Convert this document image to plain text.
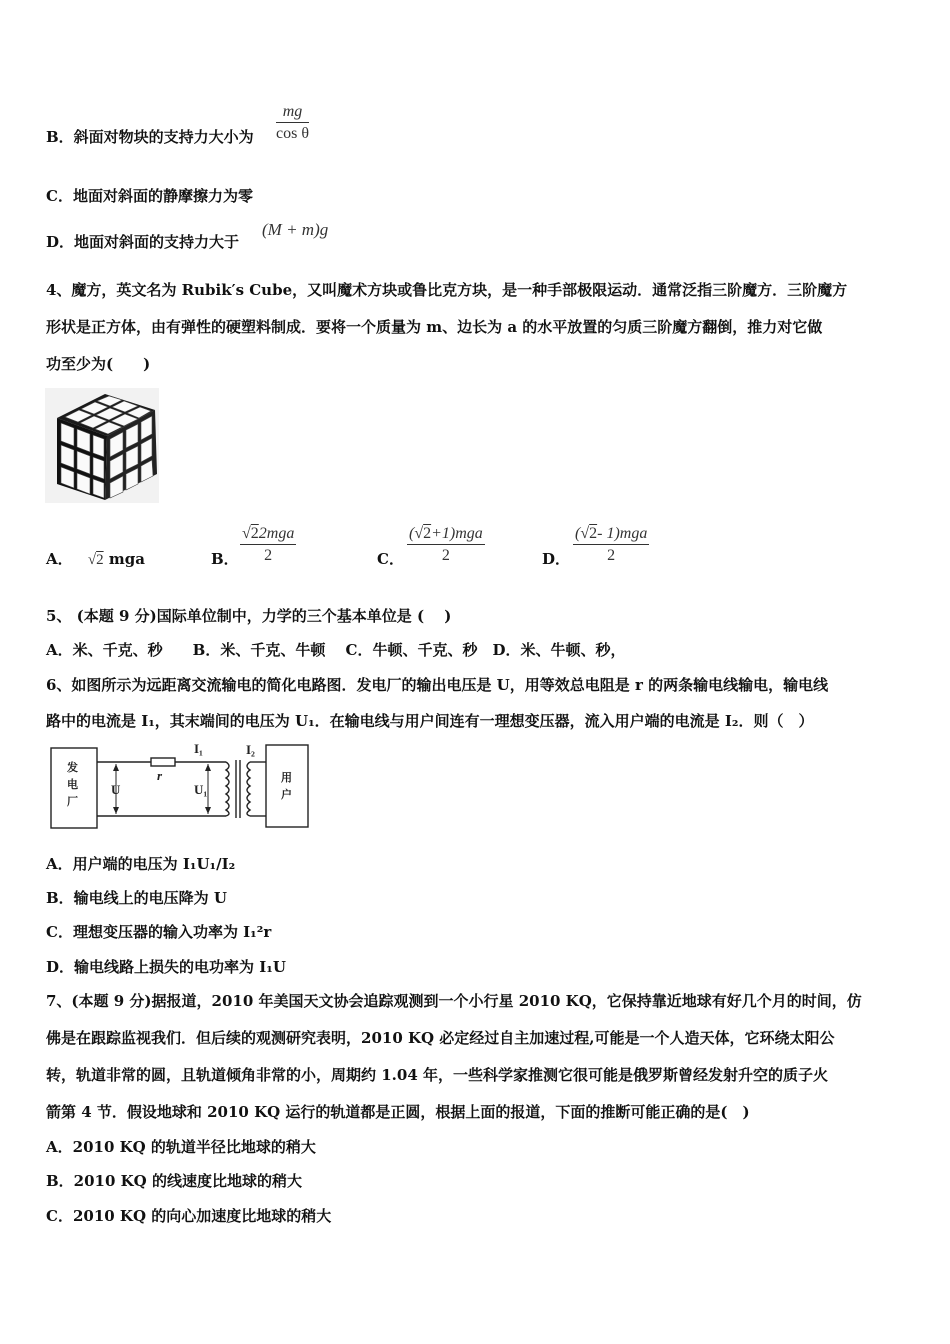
B．斜面对物块的支持力大小为 $\frac{mg}{\text{cos θ}}$
C．地面对斜面的静摩擦力为零
D．地面对斜面的支持力大于
(M + m)g
4、魔方，英文名为 Rubik′s Cube，又叫魔术方块或鲁比克方块，是一种手部极限运动．通常泛指三阶魔方．三阶魔方
形状是正方体，由有弹性的硬塑料制成．要将一个质量为 m、边长为 a 的水平放置的匀质三阶魔方翻倒，推力对它做
功至少为(　　)
A． √2 mga	B．
√22mga
2	C．
(√2+1)mga
2	D．
(√2- 1)mga
2
5、 (本题 9 分)国际单位制中，力学的三个基本单位是 (　 )
A．米、千克、秒　　B．米、千克、牛顿　 C．牛顿、千克、秒　D．米、牛顿、秒，
6、如图所示为远距离交流输电的简化电路图．发电厂的输出电压是 U，用等效总电阻是 r 的两条输电线输电，输电线
路中的电流是 I₁，其末端间的电压为 U₁．在输电线与用户间连有一理想变压器，流入用户端的电流是 I₂．则（　）
发
电
厂
U
r
I₁
U₁
I₂
用
户
A．用户端的电压为 I₁U₁/I₂
B．输电线上的电压降为 U
C．理想变压器的输入功率为 I₁²r
D．输电线路上损失的电功率为 I₁U
7、(本题 9 分)据报道，2010 年美国天文协会追踪观测到一个小行星 2010 KQ，它保持靠近地球有好几个月的时间，仿
佛是在跟踪监视我们．但后续的观测研究表明，2010 KQ 必定经过自主加速过程,可能是一个人造天体，它环绕太阳公
转，轨道非常的圆，且轨道倾角非常的小，周期约 1.04 年，一些科学家推测它很可能是俄罗斯曾经发射升空的质子火
箭第 4 节．假设地球和 2010 KQ 运行的轨道都是正圆，根据上面的报道，下面的推断可能正确的是(　)
A．2010 KQ 的轨道半径比地球的稍大
B．2010 KQ 的线速度比地球的稍大
C．2010 KQ 的向心加速度比地球的稍大
